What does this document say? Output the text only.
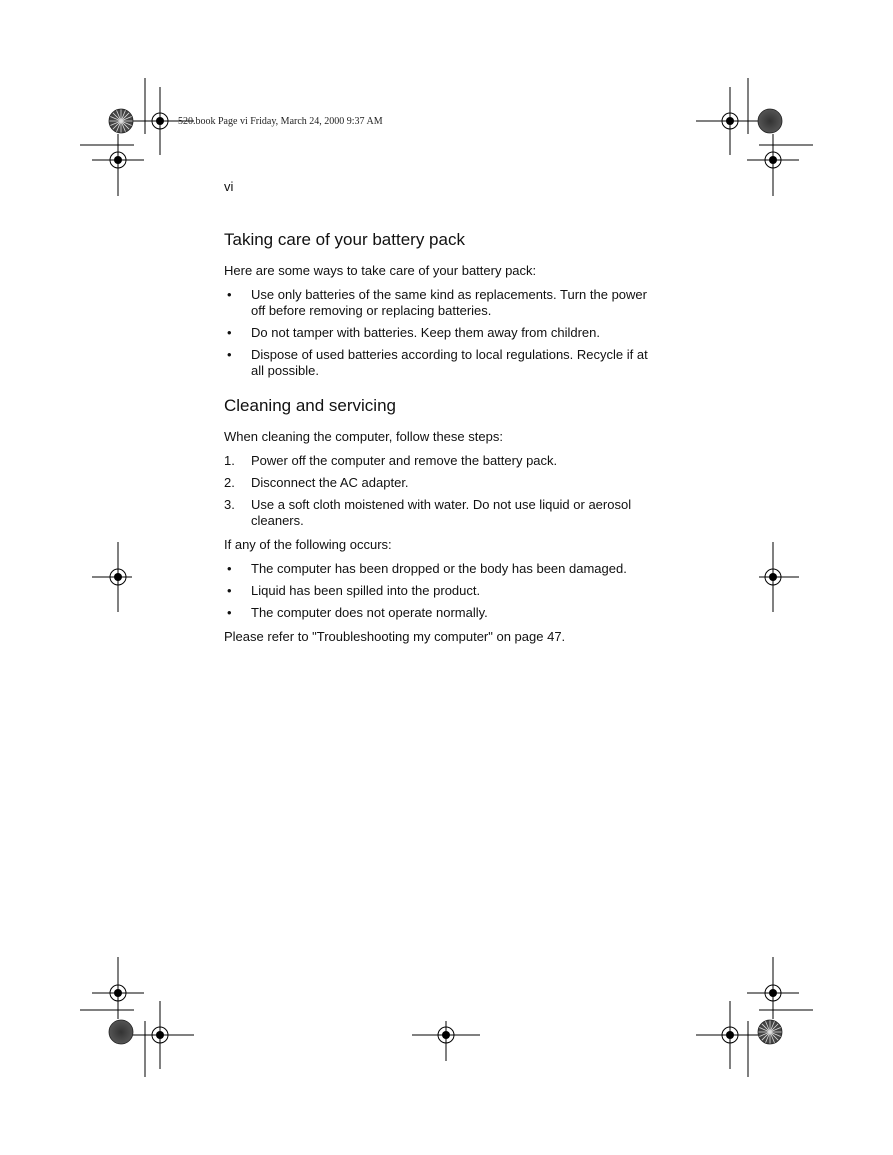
520.book Page vi Friday, March 24, 2000 9:37 AM
vi
Taking care of your battery pack

Here are some ways to take care of your battery pack:

• Use only batteries of the same kind as replacements. Turn the power off before removing or replacing batteries.
• Do not tamper with batteries. Keep them away from children.
• Dispose of used batteries according to local regulations. Recycle if at all possible.
Cleaning and servicing

When cleaning the computer, follow these steps:

1. Power off the computer and remove the battery pack.
2. Disconnect the AC adapter.
3. Use a soft cloth moistened with water. Do not use liquid or aerosol cleaners.

If any of the following occurs:

• The computer has been dropped or the body has been damaged.
• Liquid has been spilled into the product.
• The computer does not operate normally.

Please refer to "Troubleshooting my computer" on page 47.
